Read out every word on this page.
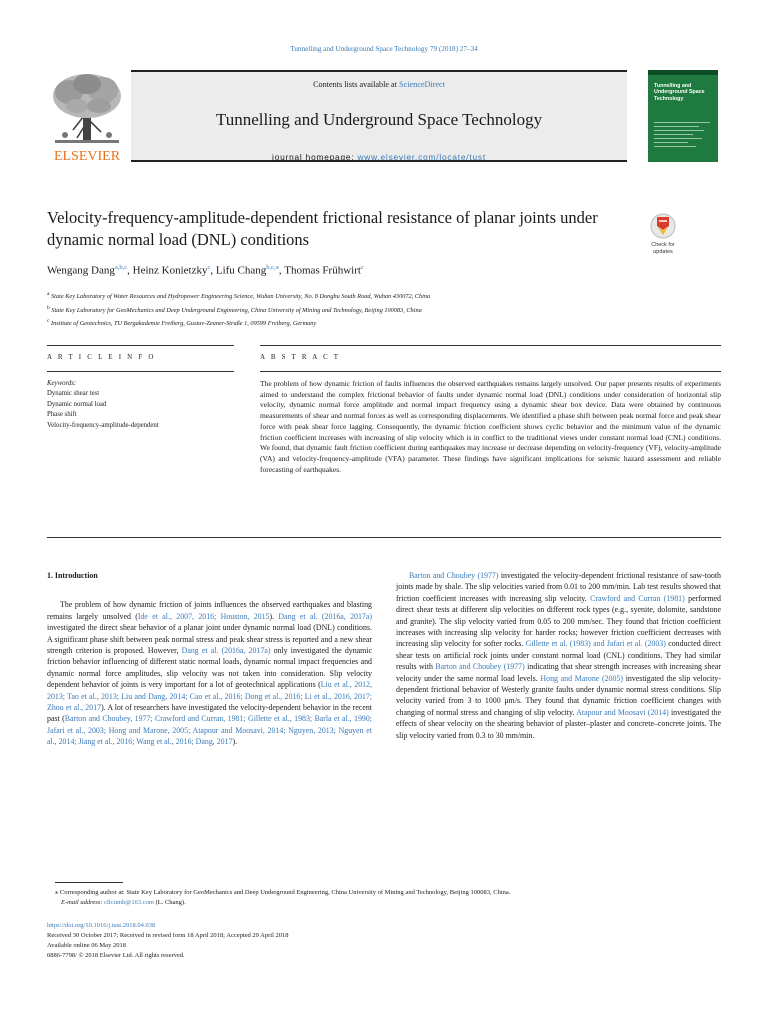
Tunnelling and Underground Space Technology 79 (2018) 27–34
ELSEVIER
Contents lists available at ScienceDirect
Tunnelling and Underground Space Technology
journal homepage: www.elsevier.com/locate/tust
Tunnelling and Underground Space Technology
Velocity-frequency-amplitude-dependent frictional resistance of planar joints under dynamic normal load (DNL) conditions	Check for
updates
Wengang Dang$^{a,b,c}$, Heinz Konietzky$^c$, Lifu Chang$^{b,c,⁎}$, Thomas Frühwirt$^c$
$^a$ State Key Laboratory of Water Resources and Hydropower Engineering Science, Wuhan University, No. 8 Donghu South Road, Wuhan 430072, China
$^b$ State Key Laboratory for GeoMechanics and Deep Underground Engineering, China University of Mining and Technology, Beijing 100083, China
$^c$ Institute of Geotechnics, TU Bergakademie Freiberg, Gustav-Zeuner-Straße 1, 09599 Freiberg, Germany
A R T I C L E I N F O	A B S T R A C T
Keywords:
Dynamic shear test
Dynamic normal load
Phase shift
Velocity-frequency-amplitude-dependent
The problem of how dynamic friction of faults influences the observed earthquakes remains largely unsolved. Our paper presents results of experiments aimed to understand the complex frictional behavior of faults under dynamic normal load (DNL) conditions under consideration of horizontal slip velocity, dynamic normal force amplitude and normal impact frequency using a dynamic shear box device. Data were obtained by continuous measurements of shear and normal forces as well as corresponding displacements. We identified a phase shift between peak normal force and peak shear force with peak shear force lagging. Consequently, the dynamic friction coefficient shows cyclic behavior and the minimum value of the dynamic friction coefficient increases with increasing of slip velocity which is in conflict to the traditional views under constant normal load (CNL) conditions. We found, that dynamic fault friction coefficient during earthquakes may increase or decrease depending on velocity-frequency (VF), velocity-amplitude (VA) and velocity-frequency-amplitude (VFA) parameter. These findings have significant implications for seismic hazard assessment and reliable forecasting of earthquakes.

1. Introduction

The problem of how dynamic friction of joints influences the observed earthquakes and blasting remains largely unsolved (Ide et al., 2007, 2016; Houston, 2015). Dang et al. (2016a, 2017a) investigated the direct shear behavior of a planar joint under dynamic normal load (DNL) conditions. A significant phase shift between peak normal stress and peak shear stress is reported and a new shear strength criterion is proposed. However, Dang et al. (2016a, 2017a) only investigated the dynamic friction behavior influencing of different static normal loads, dynamic normal impact frequencies and dynamic normal force amplitudes, slip velocity was not taken into consideration. Slip velocity dependent behavior of joints is very important for a lot of geotechnical applications (Liu et al., 2012, 2013; Tao et al., 2013; Liu and Dang, 2014; Cao et al., 2016; Dong et al., 2016; Li et al., 2016, 2017; Zhou et al., 2017). A lot of researchers have investigated the velocity-dependent behavior in the recent past (Barton and Choubey, 1977; Crawford and Curran, 1981; Gillette et al., 1983; Barla et al., 1990; Jafari et al., 2003; Hong and Marone, 2005; Atapour and Moosavi, 2014; Nguyen, 2013; Nguyen et al., 2014; Jiang et al., 2016; Wang et al., 2016; Dang, 2017).

Barton and Choubey (1977) investigated the velocity-dependent frictional resistance of saw-tooth joints made by shale. The slip velocities varied from 0.01 to 200 mm/min. Lab test results showed that friction coefficient increases with increasing slip velocity. Crawford and Curran (1981) performed direct shear tests at different slip velocities on different rock types (e.g., syenite, dolomite, sandstone and granite). The slip velocity varied from 0.05 to 200 mm/sec. They found that friction coefficient increases with increasing slip velocity for harder rocks; however friction coefficient decreases with increasing slip velocity for softer rocks. Gillette et al. (1983) and Jafari et al. (2003) conducted direct shear tests on artificial rock joints under constant normal load (CNL) conditions. They had similar results with Barton and Choubey (1977) indicating that shear strength increases with increasing shear velocity under the same normal load levels. Hong and Marone (2005) investigated the slip velocity-dependent frictional behavior of Westerly granite faults under dynamic normal stress conditions. Slip velocity varied from 3 to 1000 μm/s. They found that dynamic friction coefficient changes with changing of normal stress and changing of slip velocity. Atapour and Moosavi (2014) investigated the effects of shear velocity on the shearing behavior of plaster–plaster and concrete–concrete joints. The slip velocity varied from 0.3 to 30 mm/min.

⁎ Corresponding author at: State Key Laboratory for GeoMechanics and Deep Underground Engineering, China University of Mining and Technology, Beijing 100083, China.
E-mail address: clfcumb@163.com (L. Chang).
https://doi.org/10.1016/j.tust.2018.04.038
Received 30 October 2017; Received in revised form 18 April 2018; Accepted 29 April 2018
Available online 06 May 2018
0886-7798/ © 2018 Elsevier Ltd. All rights reserved.
